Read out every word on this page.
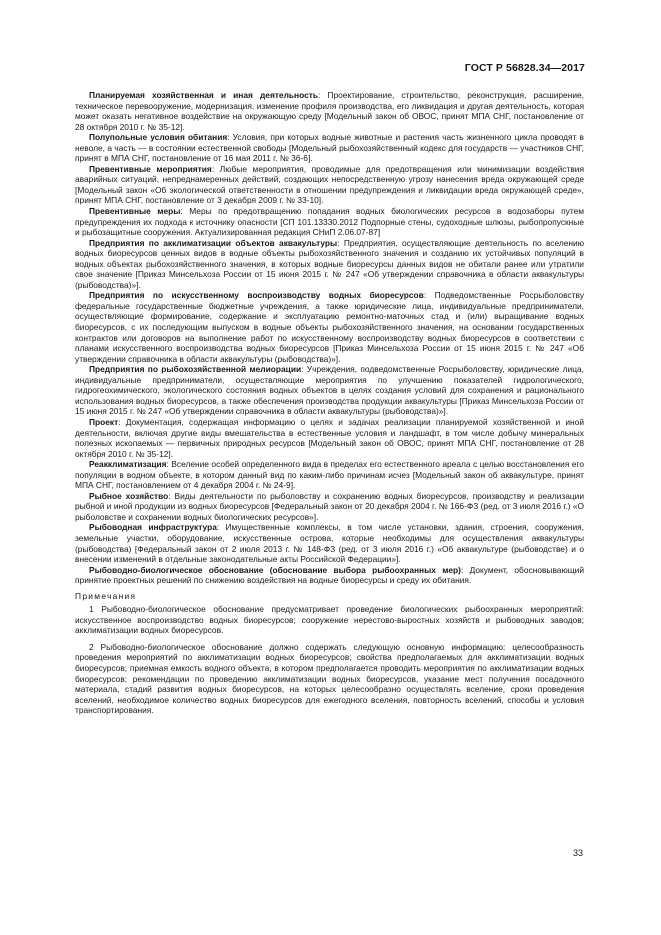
ГОСТ Р 56828.34—2017

Планируемая хозяйственная и иная деятельность: Проектирование, строительство, реконструкция, расширение, техническое перевооружение, модернизация, изменение профиля производства, его ликвидация и другая деятельность, которая может оказать негативное воздействие на окружающую среду [Модельный закон об ОВОС, принят МПА СНГ, постановление от 28 октября 2010 г. № 35-12].

Полупольные условия обитания: Условия, при которых водные животные и растения часть жизненного цикла проводят в неволе, а часть — в состоянии естественной свободы [Модельный рыбохозяйственный кодекс для государств — участников СНГ, принят в МПА СНГ, постановление от 16 мая 2011 г. № 36-6].

Превентивные мероприятия: Любые мероприятия, проводимые для предотвращения или минимизации воздействия аварийных ситуаций, непреднамеренных действий, создающих непосредственную угрозу нанесения вреда окружающей среде [Модельный закон «Об экологической ответственности в отношении предупреждения и ликвидации вреда окружающей среде», принят МПА СНГ, постановление от 3 декабря 2009 г. № 33-10].

Превентивные меры: Меры по предотвращению попадания водных биологических ресурсов в водозаборы путем предупреждения их подхода к источнику опасности [СП 101.13330.2012 Подпорные стены, судоходные шлюзы, рыбопропускные и рыбозащитные сооружения. Актуализированная редакция СНиП 2.06.07-87]

Предприятия по акклиматизации объектов аквакультуры: Предприятия, осуществляющие деятельность по вселению водных биоресурсов ценных видов в водные объекты рыбохозяйственного значения и созданию их устойчивых популяций в водных объектах рыбохозяйственного значения, в которых водные биоресурсы данных видов не обитали ранее или утратили свое значение [Приказ Минсельхоза России от 15 июня 2015 г. № 247 «Об утверждении справочника в области аквакультуры (рыбоводства)»].

Предприятия по искусственному воспроизводству водных биоресурсов: Подведомственные Росрыболовству федеральные государственные бюджетные учреждения, а также юридические лица, индивидуальные предприниматели, осуществляющие формирование, содержание и эксплуатацию ремонтно-маточных стад и (или) выращивание водных биоресурсов, с их последующим выпуском в водные объекты рыбохозяйственного значения, на основании государственных контрактов или договоров на выполнение работ по искусственному воспроизводству водных биоресурсов в соответствии с планами искусственного воспроизводства водных биоресурсов [Приказ Минсельхоза России от 15 июня 2015 г. № 247 «Об утверждении справочника в области аквакультуры (рыбоводства)»].

Предприятия по рыбохозяйственной мелиорации: Учреждения, подведомственные Росрыболовству, юридические лица, индивидуальные предприниматели, осуществляющие мероприятия по улучшению показателей гидрологического, гидрогеохимического, экологического состояния водных объектов в целях создания условий для сохранения и рационального использования водных биоресурсов, а также обеспечения производства продукции аквакультуры [Приказ Минсельхоза России от 15 июня 2015 г. № 247 «Об утверждении справочника в области аквакультуры (рыбоводства)»].

Проект: Документация, содержащая информацию о целях и задачах реализации планируемой хозяйственной и иной деятельности, включая другие виды вмешательства в естественные условия и ландшафт, в том числе добычу минеральных полезных ископаемых — первичных природных ресурсов [Модельный закон об ОВОС, принят МПА СНГ, постановление от 28 октября 2010 г. № 35-12].

Реакклиматизация: Вселение особей определенного вида в пределах его естественного ареала с целью восстановления его популяции в водном объекте, в котором данный вид по каким-либо причинам исчез [Модельный закон об аквакультуре, принят МПА СНГ, постановлением от 4 декабря 2004 г. № 24-9].

Рыбное хозяйство: Виды деятельности по рыболовству и сохранению водных биоресурсов, производству и реализации рыбной и иной продукции из водных биоресурсов [Федеральный закон от 20 декабря 2004 г. № 166-ФЗ (ред. от 3 июля 2016 г.) «О рыболовстве и сохранении водных биологических ресурсов»].

Рыбоводная инфраструктура: Имущественные комплексы, в том числе установки, здания, строения, сооружения, земельные участки, оборудование, искусственные острова, которые необходимы для осуществления аквакультуры (рыбоводства) [Федеральный закон от 2 июля 2013 г. № 148-ФЗ (ред. от 3 июля 2016 г.) «Об аквакультуре (рыбоводстве) и о внесении изменений в отдельные законодательные акты Российской Федерации»].

Рыбоводно-биологическое обоснование (обоснование выбора рыбоохранных мер): Документ, обосновывающий принятие проектных решений по снижению воздействия на водные биоресурсы и среду их обитания.

Примечания

1 Рыбоводно-биологическое обоснование предусматривает проведение биологических рыбоохранных мероприятий: искусственное воспроизводство водных биоресурсов; сооружение нерестово-выростных хозяйств и рыбоводных заводов; акклиматизации водных биоресурсов.

2 Рыбоводно-биологическое обоснование должно содержать следующую основную информацию: целесообразность проведения мероприятий по акклиматизации водных биоресурсов; свойства предполагаемых для акклиматизации водных биоресурсов; приемная емкость водного объекта, в котором предполагается проводить мероприятия по акклиматизации водных биоресурсов; рекомендации по проведению акклиматизации водных биоресурсов, указание мест получения посадочного материала, стадий развития водных биоресурсов, на которых целесообразно осуществлять вселение, сроки проведения вселений, необходимое количество водных биоресурсов для ежегодного вселения, повторность вселений, способы и условия транспортирования.

33
